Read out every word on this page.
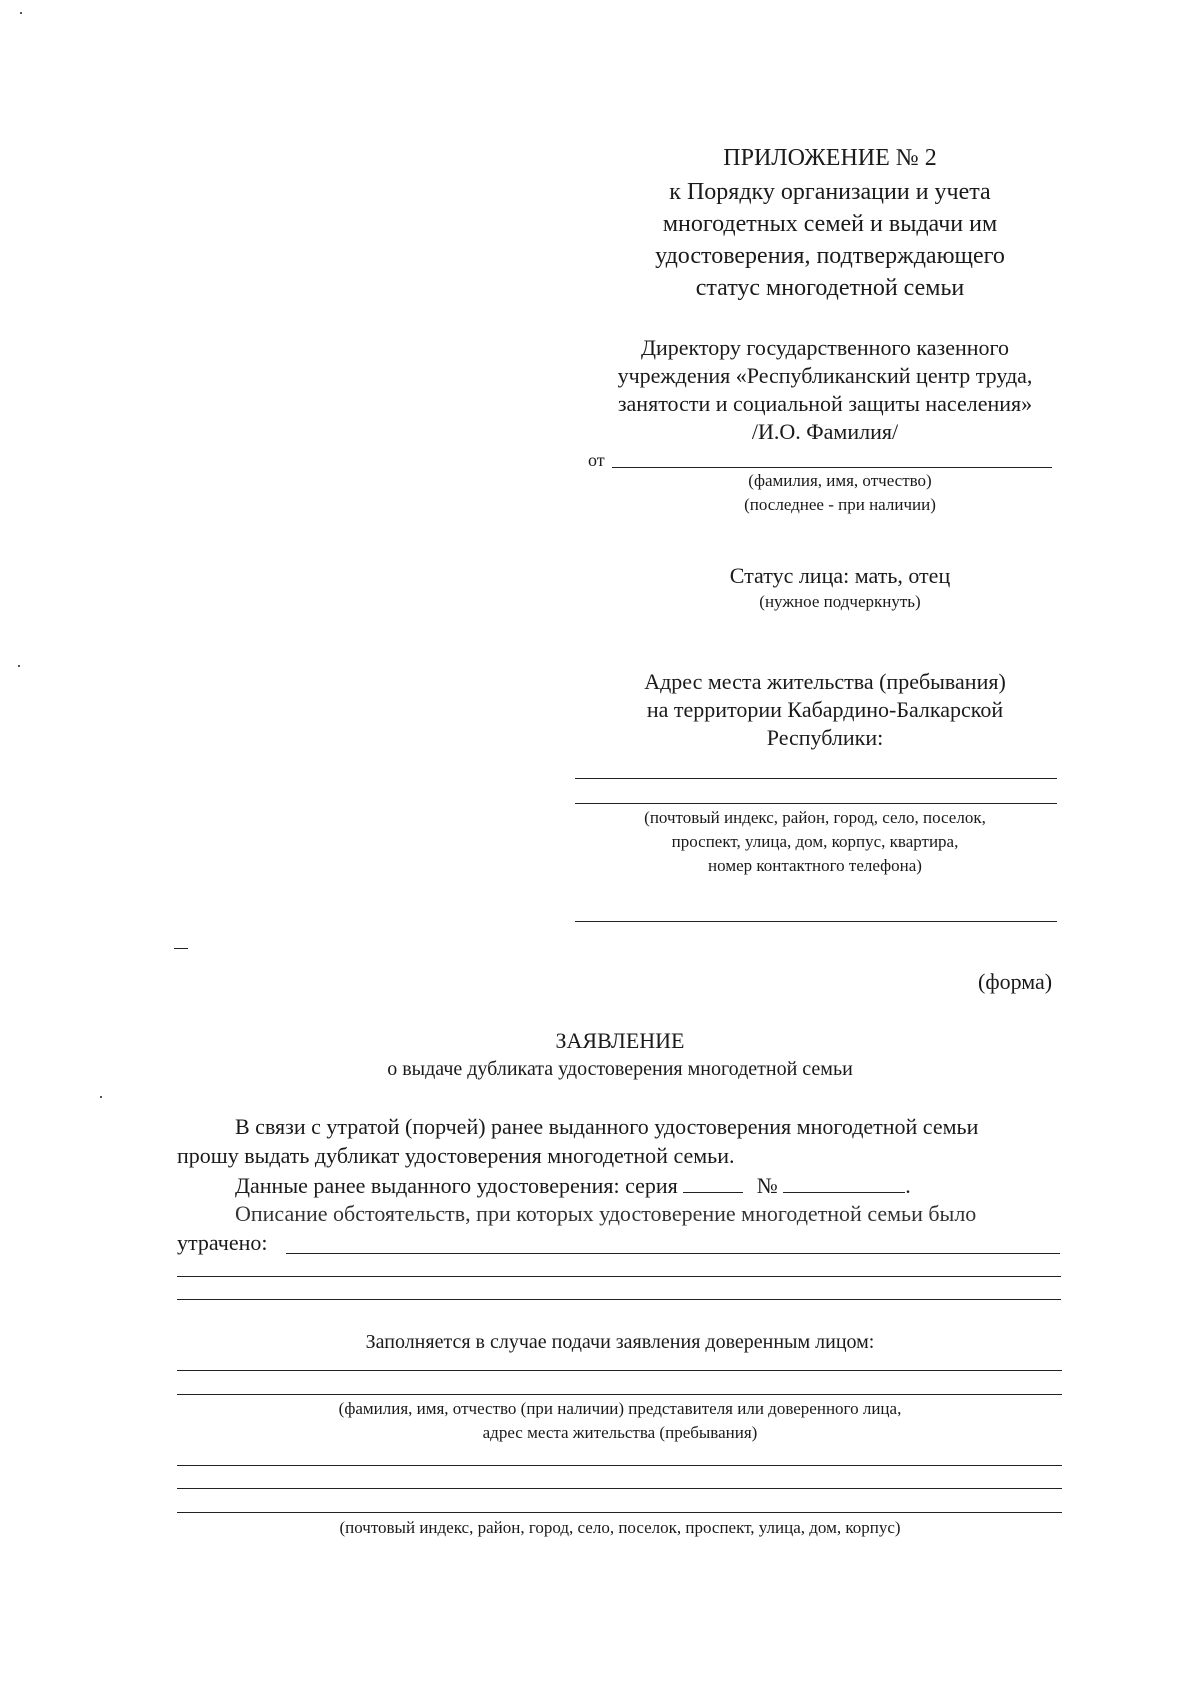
ПРИЛОЖЕНИЕ № 2
к Порядку организации и учета
многодетных семей и выдачи им
удостоверения, подтверждающего
статус многодетной семьи
Директору государственного казенного
учреждения «Республиканский центр труда,
занятости и социальной защиты населения»
/И.О. Фамилия/
от
(фамилия, имя, отчество)
(последнее - при наличии)
Статус лица: мать, отец
(нужное подчеркнуть)
Адрес места жительства (пребывания)
на территории Кабардино-Балкарской
Республики:
(почтовый индекс, район, город, село, поселок,
проспект, улица, дом, корпус, квартира,
номер контактного телефона)
(форма)
ЗАЯВЛЕНИЕ
о выдаче дубликата удостоверения многодетной семьи
В связи с утратой (порчей) ранее выданного удостоверения многодетной семьи
прошу выдать дубликат удостоверения многодетной семьи.
Данные ранее выданного удостоверения: серия	№	.
Описание обстоятельств, при которых удостоверение многодетной семьи было
утрачено:
Заполняется в случае подачи заявления доверенным лицом:
(фамилия, имя, отчество (при наличии) представителя или доверенного лица,
адрес места жительства (пребывания)
(почтовый индекс, район, город, село, поселок, проспект, улица, дом, корпус)
